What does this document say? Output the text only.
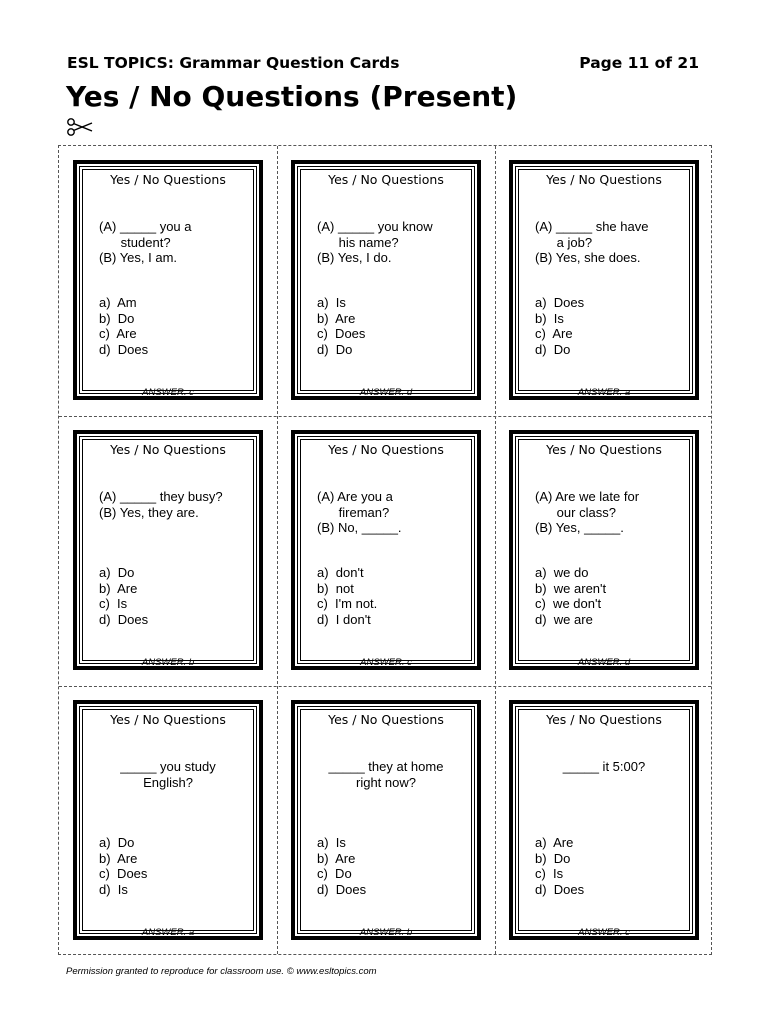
ESL TOPICS: Grammar Question Cards	Page 11 of 21
Yes / No Questions (Present)
Yes / No Questions
(A) _____ you a
student?
(B) Yes, I am.
a)  Am
b)  Do
c)  Are
d)  Does
ANSWER: c
Yes / No Questions
(A) _____ you know
his name?
(B) Yes, I do.
a)  Is
b)  Are
c)  Does
d)  Do
ANSWER: d
Yes / No Questions
(A) _____ she have
a job?
(B) Yes, she does.
a)  Does
b)  Is
c)  Are
d)  Do
ANSWER: a
Yes / No Questions
(A) _____ they busy?
(B) Yes, they are.
a)  Do
b)  Are
c)  Is
d)  Does
ANSWER: b
Yes / No Questions
(A) Are you a
fireman?
(B) No, _____.
a)  don't
b)  not
c)  I'm not.
d)  I don't
ANSWER: c
Yes / No Questions
(A) Are we late for
our class?
(B) Yes, _____.
a)  we do
b)  we aren't
c)  we don't
d)  we are
ANSWER: d
Yes / No Questions
_____ you study
English?
a)  Do
b)  Are
c)  Does
d)  Is
ANSWER: a
Yes / No Questions
_____ they at home
right now?
a)  Is
b)  Are
c)  Do
d)  Does
ANSWER: b
Yes / No Questions
_____ it 5:00?
a)  Are
b)  Do
c)  Is
d)  Does
ANSWER: c
Permission granted to reproduce for classroom use. © www.esltopics.com
